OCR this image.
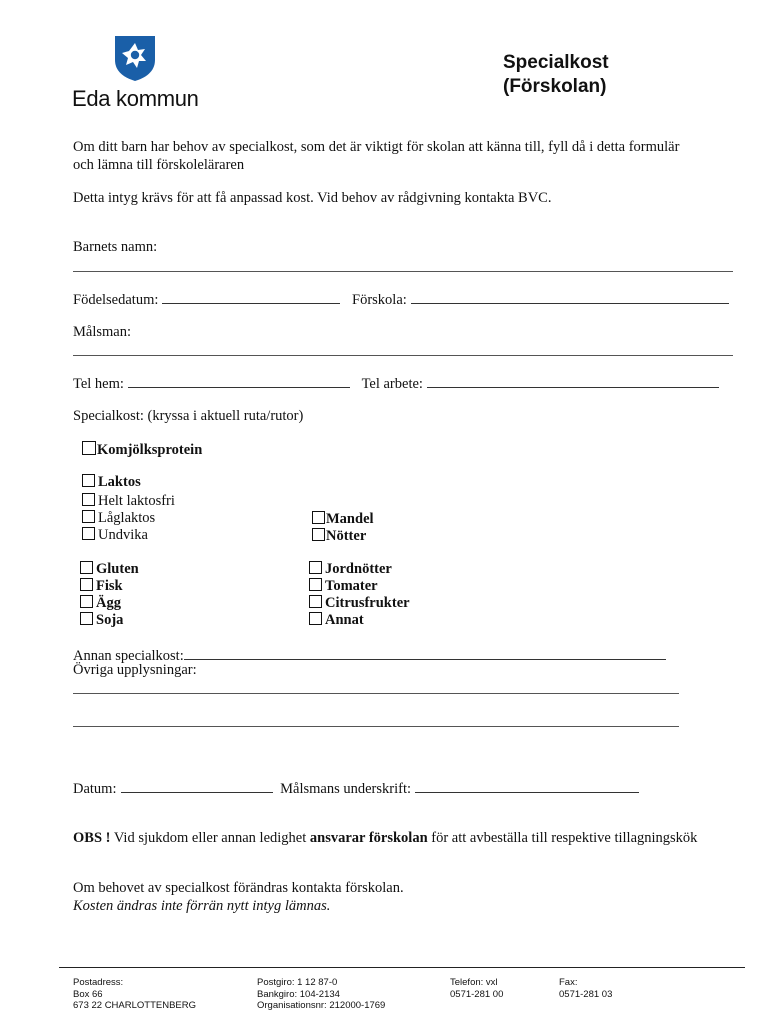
Eda kommun
Specialkost
(Förskolan)
Om ditt barn har behov av specialkost, som det är viktigt för skolan att känna till, fyll då i detta formulär
och lämna till förskoleläraren
Detta intyg krävs för att få anpassad kost. Vid behov av rådgivning kontakta BVC.
Barnets namn:
Födelsedatum:	Förskola:
Målsman:
Tel hem:	Tel arbete:
Specialkost: (kryssa i aktuell ruta/rutor)
Komjölksprotein
Laktos
Helt laktosfri
Låglaktos
Undvika
Mandel
Nötter
Gluten
Fisk
Ägg
Soja
Jordnötter
Tomater
Citrusfrukter
Annat
Annan specialkost:
Övriga upplysningar:
Datum:	Målsmans underskrift:
OBS ! Vid sjukdom eller annan ledighet ansvarar förskolan för att avbeställa till respektive tillagningskök
Om behovet av specialkost förändras kontakta förskolan.
Kosten ändras inte förrän nytt intyg lämnas.
Postadress:
Box 66
673 22 CHARLOTTENBERG
Postgiro: 1 12 87-0
Bankgiro: 104-2134
Organisationsnr: 212000-1769
Telefon: vxl
0571-281 00
Fax:
0571-281 03
